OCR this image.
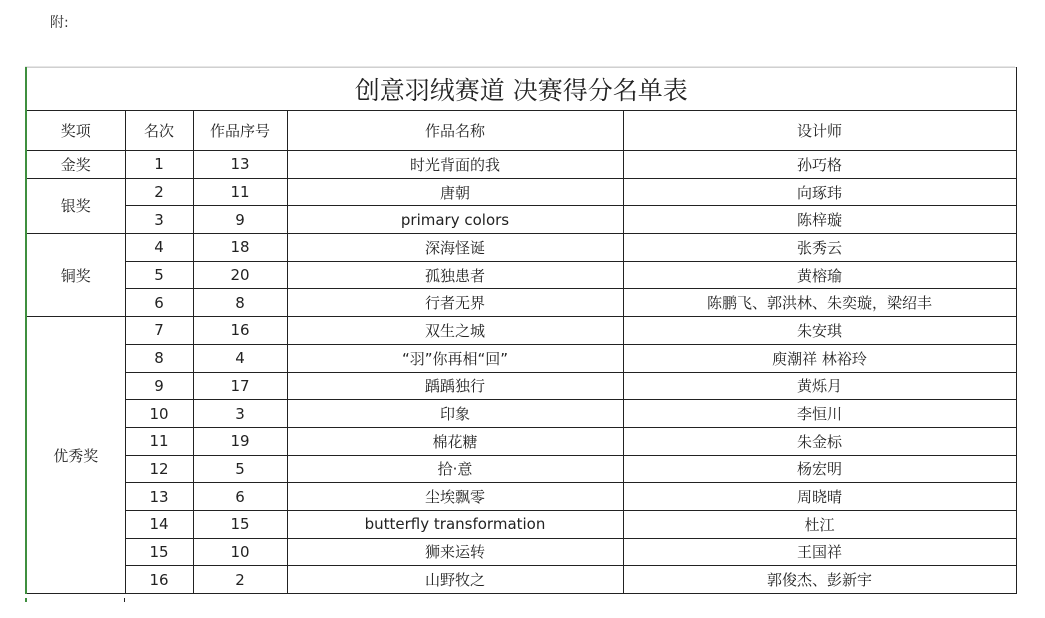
附:
创意羽绒赛道 决赛得分名单表				
奖项	名次	作品序号	作品名称	设计师
金奖	1	13	时光背面的我	孙巧格
银奖	2	11	唐朝	向琢玮
	3	9	primary colors	陈梓璇
铜奖	4	18	深海怪诞	张秀云
	5	20	孤独患者	黄榕瑜
	6	8	行者无界	陈鹏飞、郭洪林、朱奕璇，梁绍丰
优秀奖	7	16	双生之城	朱安琪
	8	4	“羽”你再相“回”	庾潮祥 林裕玲
	9	17	踽踽独行	黄烁月
	10	3	印象	李恒川
	11	19	棉花糖	朱金标
	12	5	拾·意	杨宏明
	13	6	尘埃飘零	周晓晴
	14	15	butterfly transformation	杜江
	15	10	狮来运转	王国祥
	16	2	山野牧之	郭俊杰、彭新宇
